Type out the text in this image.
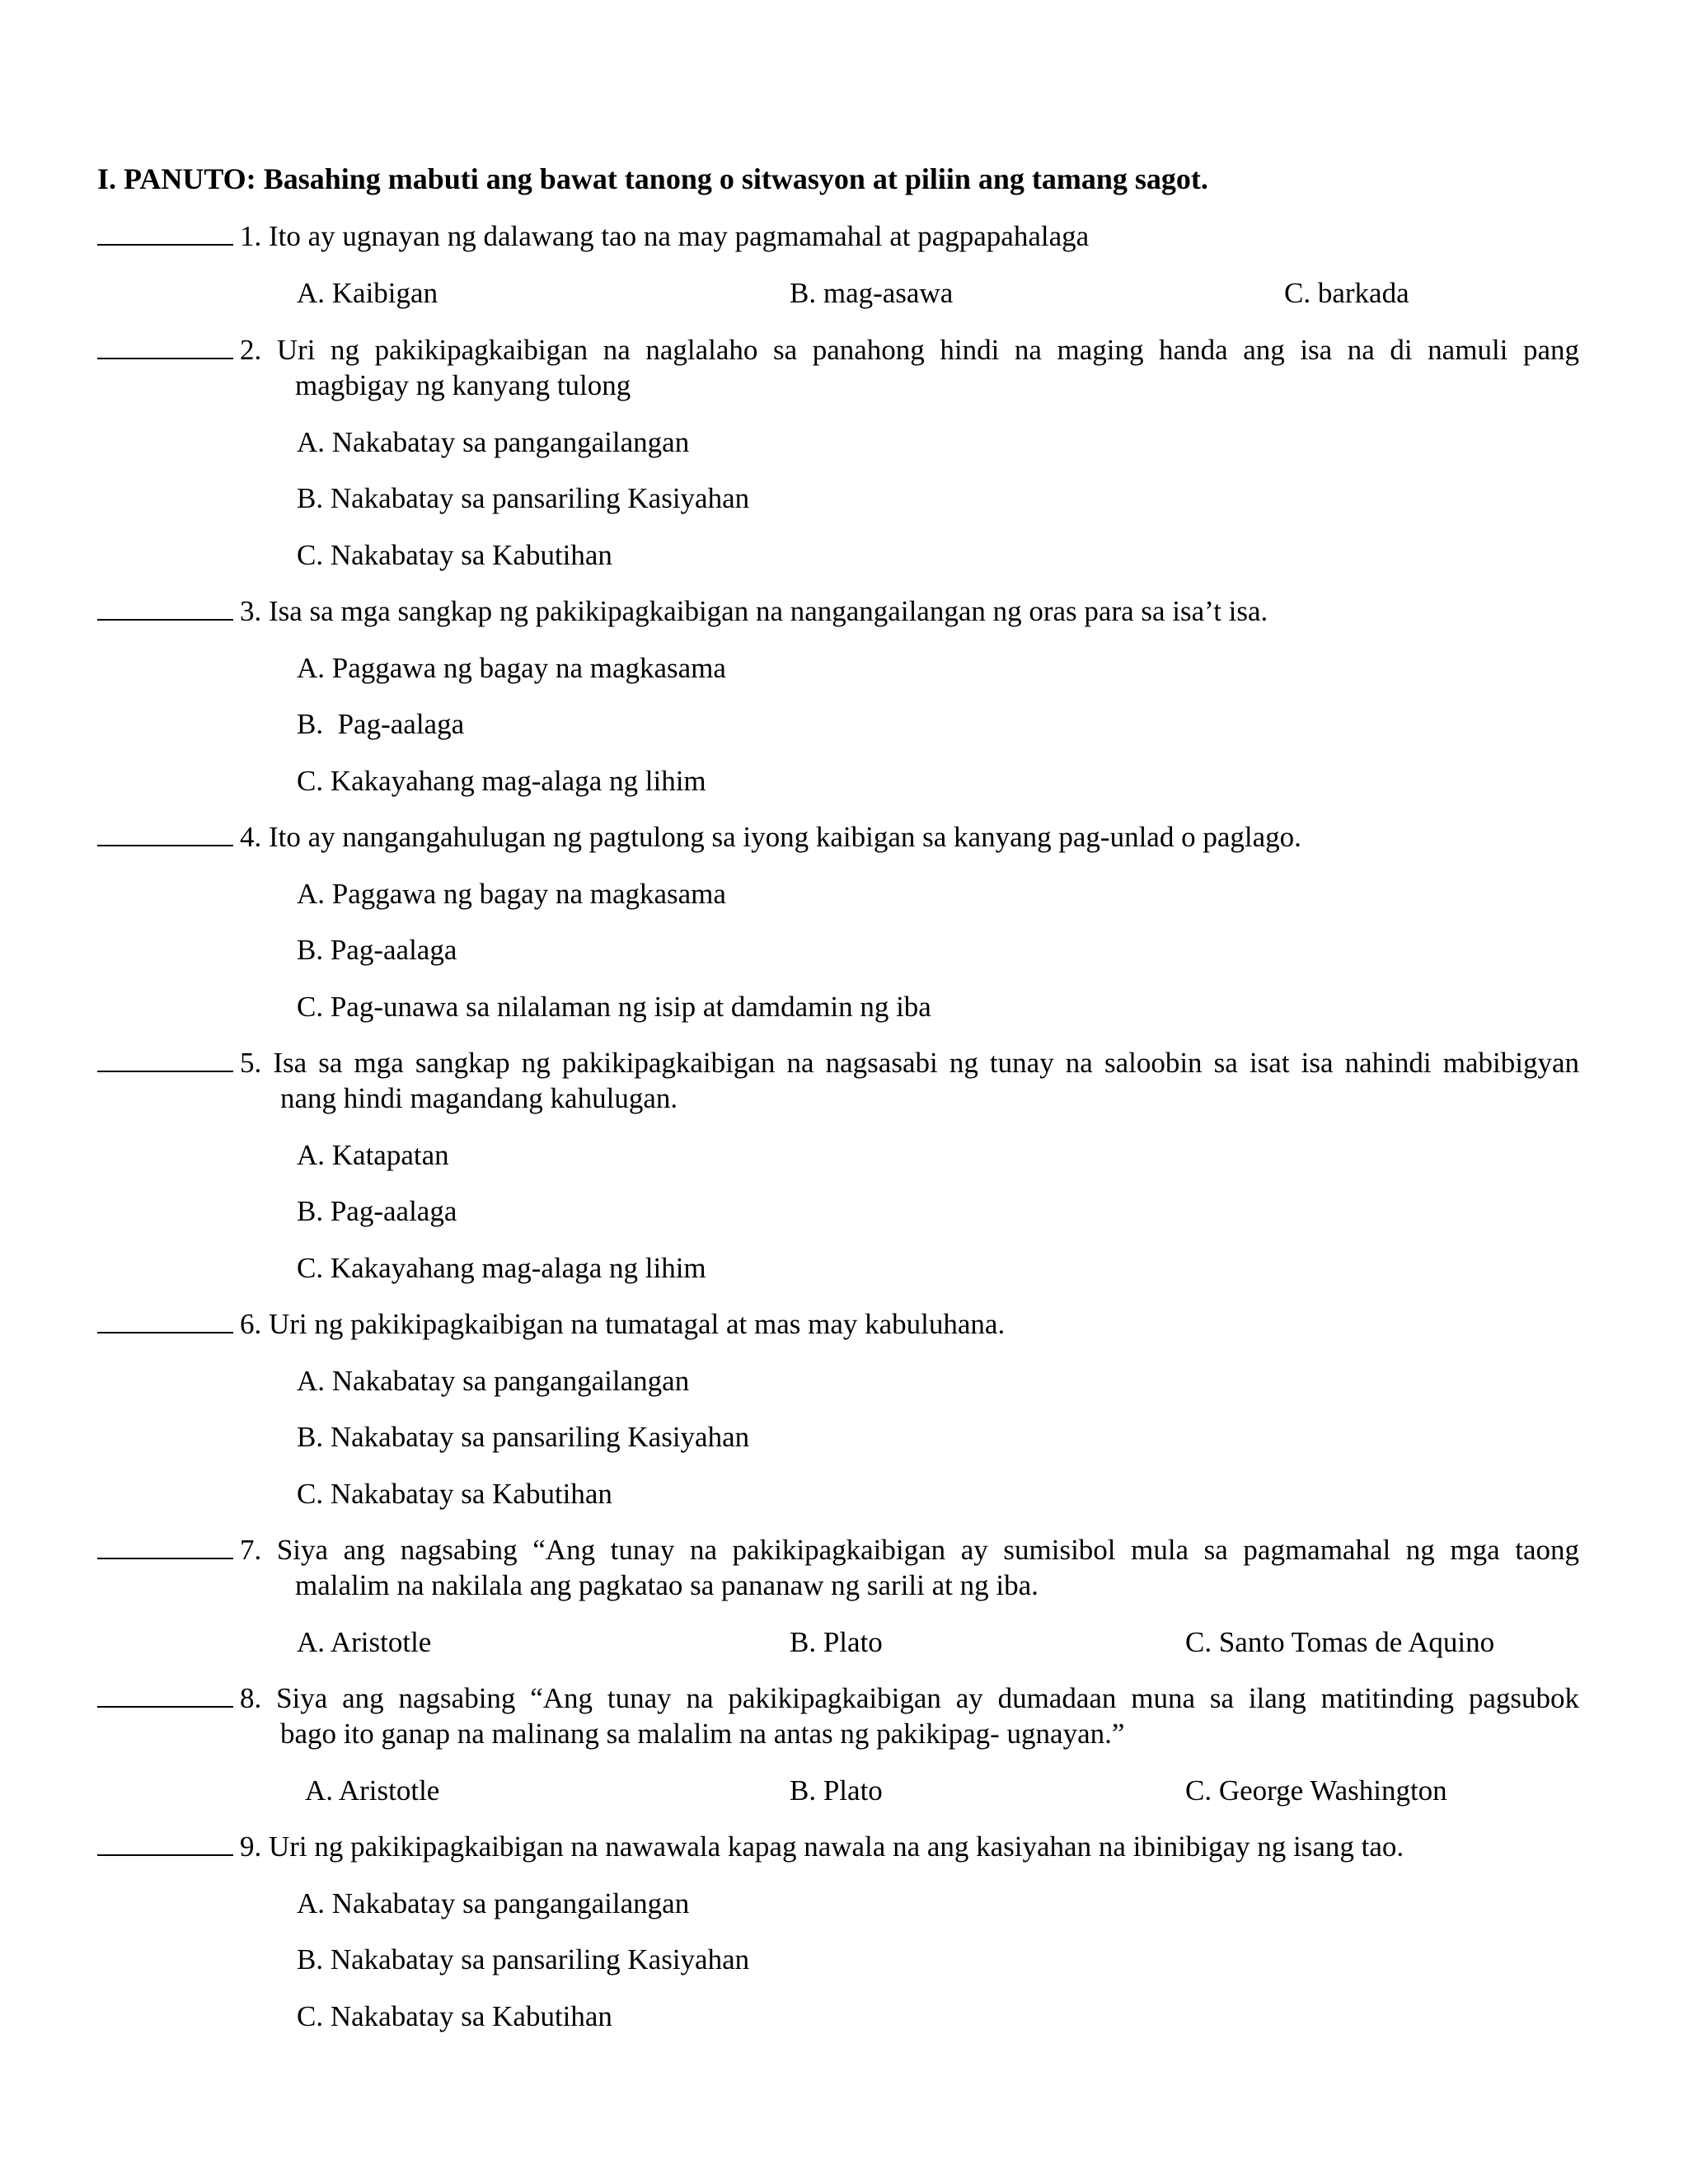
I. PANUTO: Basahing mabuti ang bawat tanong o sitwasyon at piliin ang tamang sagot.
1. Ito ay ugnayan ng dalawang tao na may pagmamahal at pagpapahalaga
A. Kaibigan	B. mag-asawa	C. barkada
2. Uri ng pakikipagkaibigan na naglalaho sa panahong hindi na maging handa ang isa na di namuli pang
magbigay ng kanyang tulong
A. Nakabatay sa pangangailangan
B. Nakabatay sa pansariling Kasiyahan
C. Nakabatay sa Kabutihan
3. Isa sa mga sangkap ng pakikipagkaibigan na nangangailangan ng oras para sa isa’t isa.
A. Paggawa ng bagay na magkasama
B.  Pag-aalaga
C. Kakayahang mag-alaga ng lihim
4. Ito ay nangangahulugan ng pagtulong sa iyong kaibigan sa kanyang pag-unlad o paglago.
A. Paggawa ng bagay na magkasama
B. Pag-aalaga
C. Pag-unawa sa nilalaman ng isip at damdamin ng iba
5. Isa sa mga sangkap ng pakikipagkaibigan na nagsasabi ng tunay na saloobin sa isat isa nahindi mabibigyan
nang hindi magandang kahulugan.
A. Katapatan
B. Pag-aalaga
C. Kakayahang mag-alaga ng lihim
6. Uri ng pakikipagkaibigan na tumatagal at mas may kabuluhana.
A. Nakabatay sa pangangailangan
B. Nakabatay sa pansariling Kasiyahan
C. Nakabatay sa Kabutihan
7. Siya ang nagsabing “Ang tunay na pakikipagkaibigan ay sumisibol mula sa pagmamahal ng mga taong
malalim na nakilala ang pagkatao sa pananaw ng sarili at ng iba.
A. Aristotle	B. Plato	C. Santo Tomas de Aquino
8. Siya ang nagsabing “Ang tunay na pakikipagkaibigan ay dumadaan muna sa ilang matitinding pagsubok
bago ito ganap na malinang sa malalim na antas ng pakikipag- ugnayan.”
A. Aristotle	B. Plato	C. George Washington
9. Uri ng pakikipagkaibigan na nawawala kapag nawala na ang kasiyahan na ibinibigay ng isang tao.
A. Nakabatay sa pangangailangan
B. Nakabatay sa pansariling Kasiyahan
C. Nakabatay sa Kabutihan
